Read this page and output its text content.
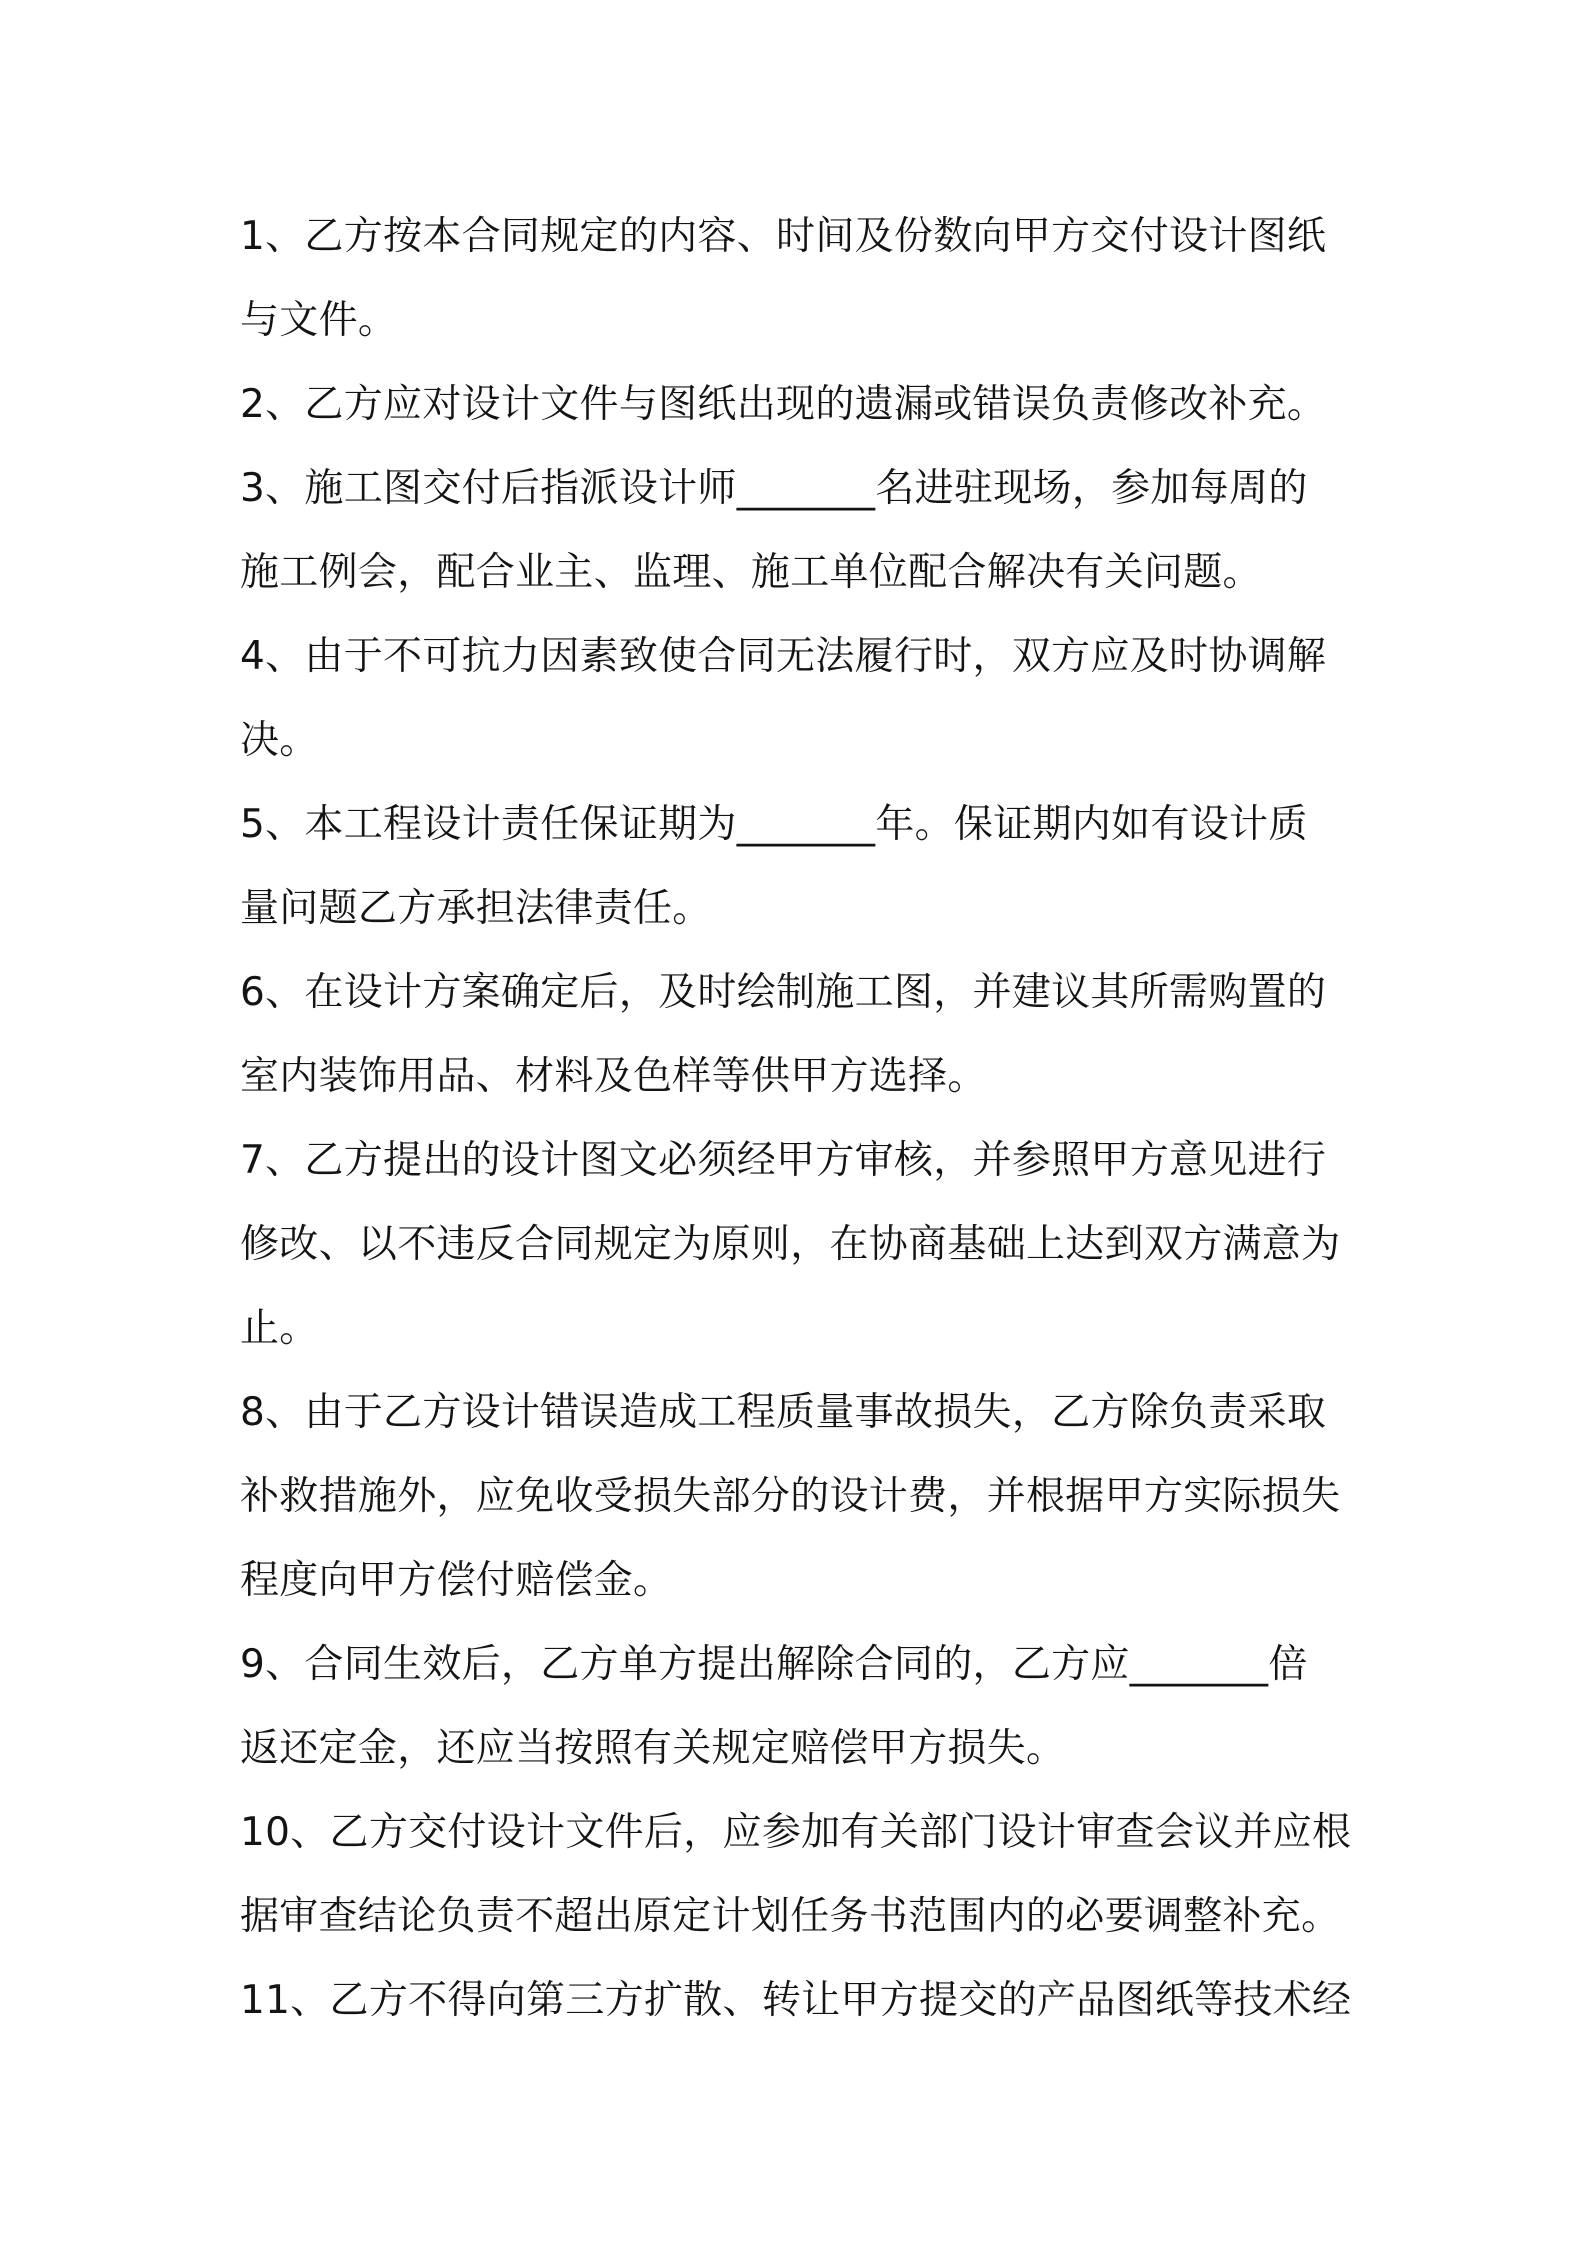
1、乙方按本合同规定的内容、时间及份数向甲方交付设计图纸
与文件。
2、乙方应对设计文件与图纸出现的遗漏或错误负责修改补充。
3、施工图交付后指派设计师_______名进驻现场，参加每周的
施工例会，配合业主、监理、施工单位配合解决有关问题。
4、由于不可抗力因素致使合同无法履行时，双方应及时协调解
决。
5、本工程设计责任保证期为_______年。保证期内如有设计质
量问题乙方承担法律责任。
6、在设计方案确定后，及时绘制施工图，并建议其所需购置的
室内装饰用品、材料及色样等供甲方选择。
7、乙方提出的设计图文必须经甲方审核，并参照甲方意见进行
修改、以不违反合同规定为原则，在协商基础上达到双方满意为
止。
8、由于乙方设计错误造成工程质量事故损失，乙方除负责采取
补救措施外，应免收受损失部分的设计费，并根据甲方实际损失
程度向甲方偿付赔偿金。
9、合同生效后，乙方单方提出解除合同的，乙方应_______倍
返还定金，还应当按照有关规定赔偿甲方损失。
10、乙方交付设计文件后，应参加有关部门设计审查会议并应根
据审查结论负责不超出原定计划任务书范围内的必要调整补充。
11、乙方不得向第三方扩散、转让甲方提交的产品图纸等技术经
